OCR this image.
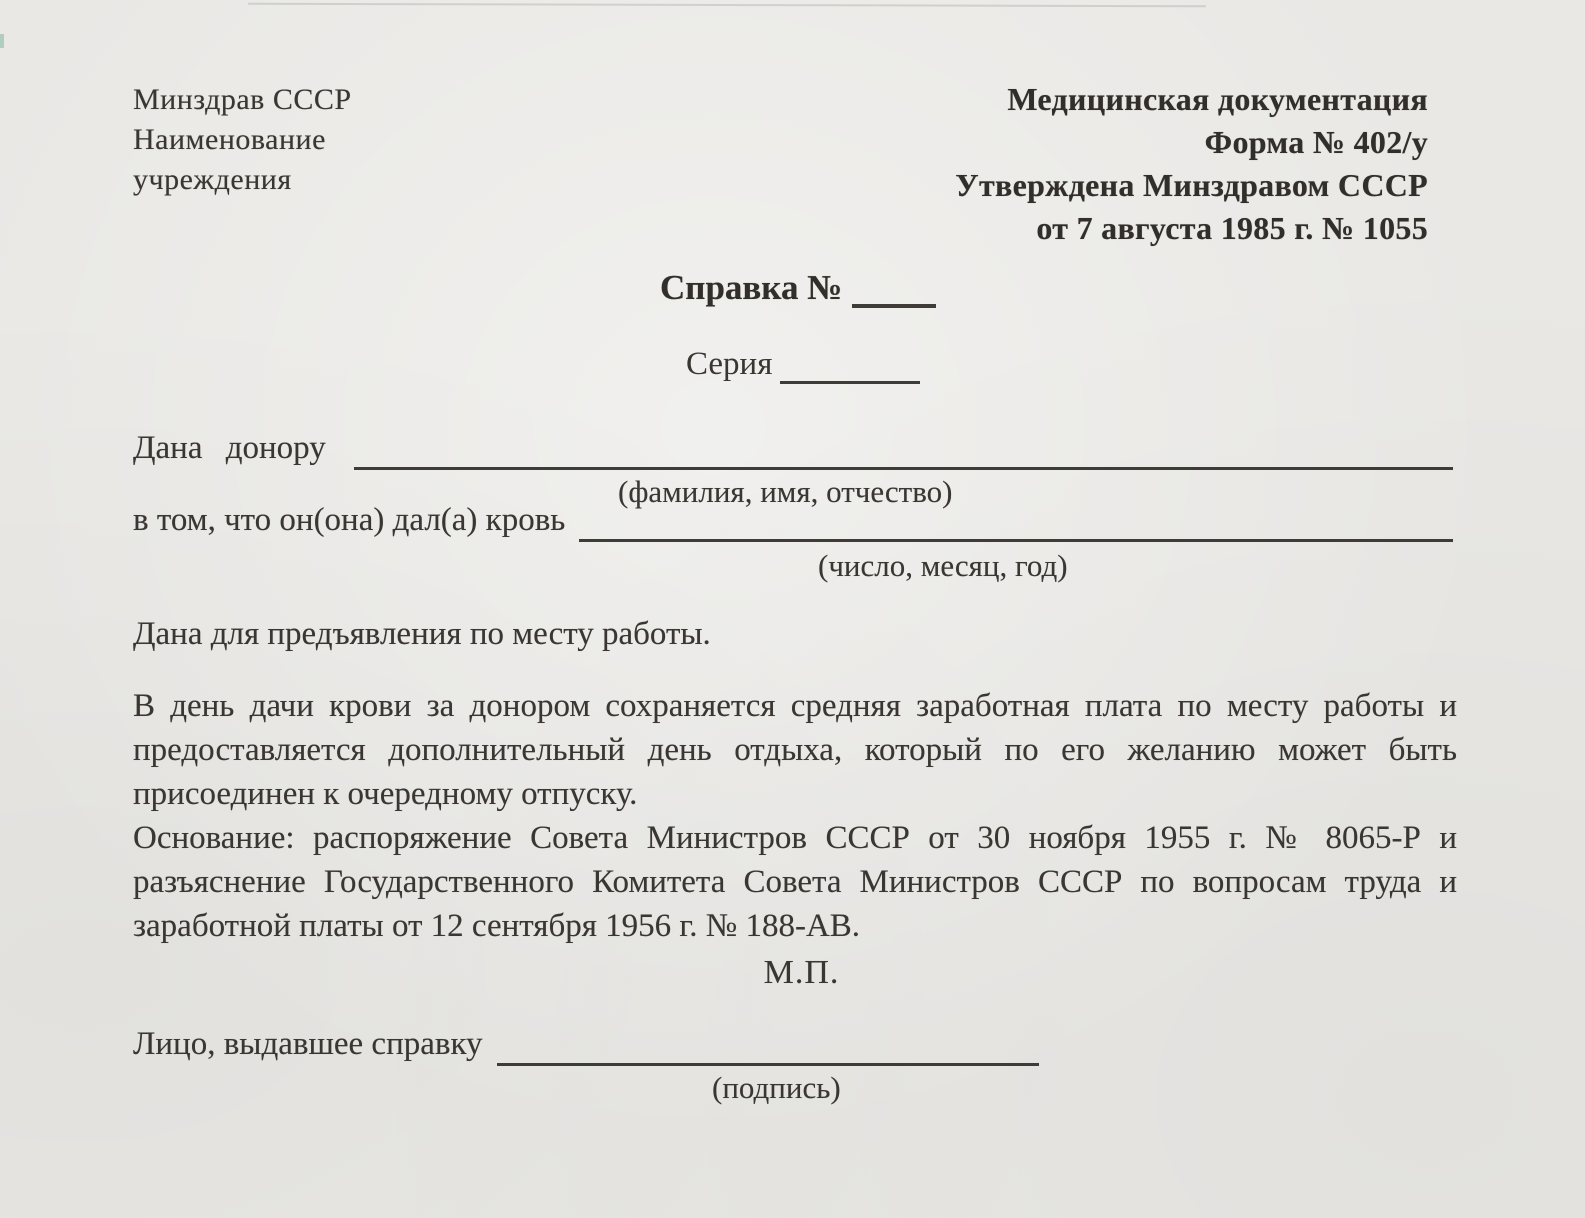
Минздрав СССР
Наименование
учреждения
Медицинская документация
Форма № 402/у
Утверждена Минздравом СССР
от 7 августа 1985 г. № 1055
Справка №
Серия
Дана донору
(фамилия, имя, отчество)
в том, что он(она) дал(а) кровь
(число, месяц, год)
Дана для предъявления по месту работы.

В день дачи крови за донором сохраняется средняя заработная плата по месту работы и предоставляется дополнительный день отдыха, который по его желанию может быть присоединен к очередному отпуску.

Основание: распоряжение Совета Министров СССР от 30 ноября 1955 г. № 8065-Р и разъяснение Государственного Комитета Совета Министров СССР по вопросам труда и заработной платы от 12 сентября 1956 г. № 188-АВ.

М.П.
Лицо, выдавшее справку
(подпись)
